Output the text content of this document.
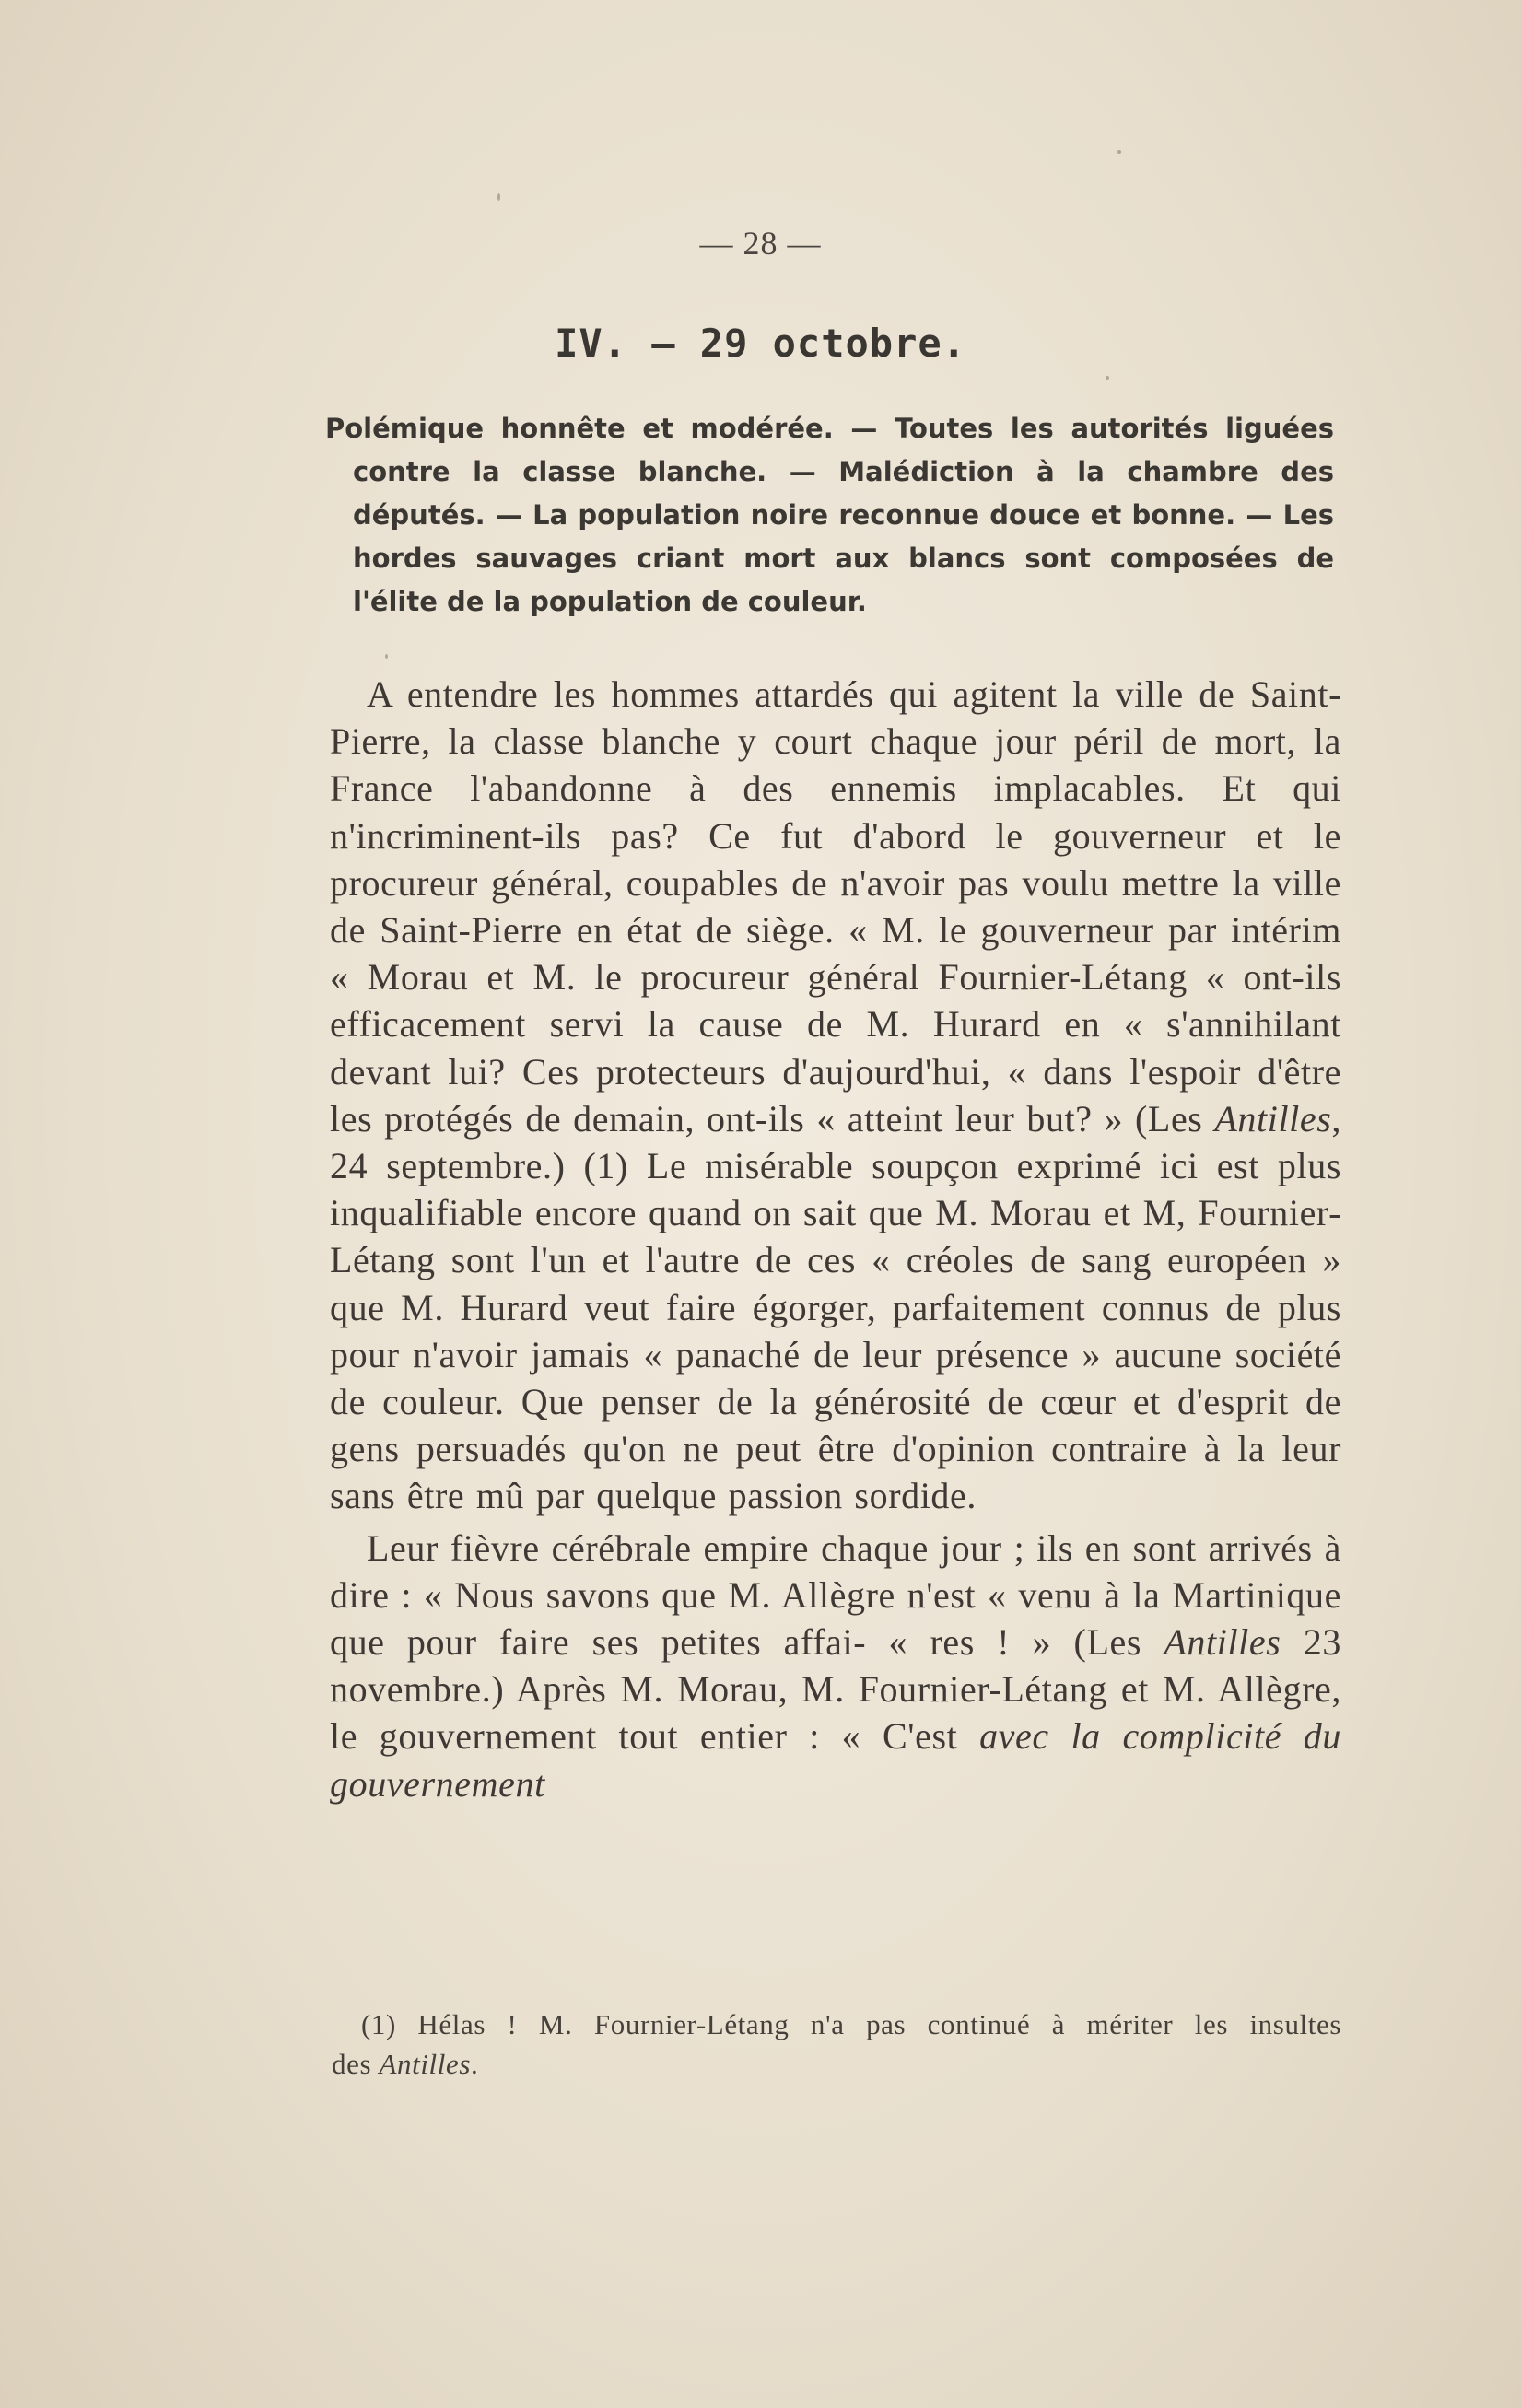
— 28 —
IV. — 29 octobre.

Polémique honnête et modérée. — Toutes les autorités liguées contre la classe blanche. — Malédiction à la chambre des députés. — La population noire reconnue douce et bonne. — Les hordes sauvages criant mort aux blancs sont composées de l'élite de la population de couleur.

A entendre les hommes attardés qui agitent la ville de Saint-Pierre, la classe blanche y court chaque jour péril de mort, la France l'abandonne à des ennemis implacables. Et qui n'incriminent-ils pas? Ce fut d'abord le gouverneur et le procureur général, coupables de n'avoir pas voulu mettre la ville de Saint-Pierre en état de siège. « M. le gouverneur par intérim « Morau et M. le procureur général Fournier-Létang « ont-ils efficacement servi la cause de M. Hurard en « s'annihilant devant lui? Ces protecteurs d'aujourd'hui, « dans l'espoir d'être les protégés de demain, ont-ils « atteint leur but? » (Les Antilles, 24 septembre.) (1) Le misérable soupçon exprimé ici est plus inqualifiable encore quand on sait que M. Morau et M, Fournier-Létang sont l'un et l'autre de ces « créoles de sang européen » que M. Hurard veut faire égorger, parfaitement connus de plus pour n'avoir jamais « panaché de leur présence » aucune société de couleur. Que penser de la générosité de cœur et d'esprit de gens persuadés qu'on ne peut être d'opinion contraire à la leur sans être mû par quelque passion sordide.

Leur fièvre cérébrale empire chaque jour ; ils en sont arrivés à dire : « Nous savons que M. Allègre n'est « venu à la Martinique que pour faire ses petites affai- « res ! » (Les Antilles 23 novembre.) Après M. Morau, M. Fournier-Létang et M. Allègre, le gouvernement tout entier : « C'est avec la complicité du gouvernement

(1) Hélas ! M. Fournier-Létang n'a pas continué à mériter les insultes des Antilles.
